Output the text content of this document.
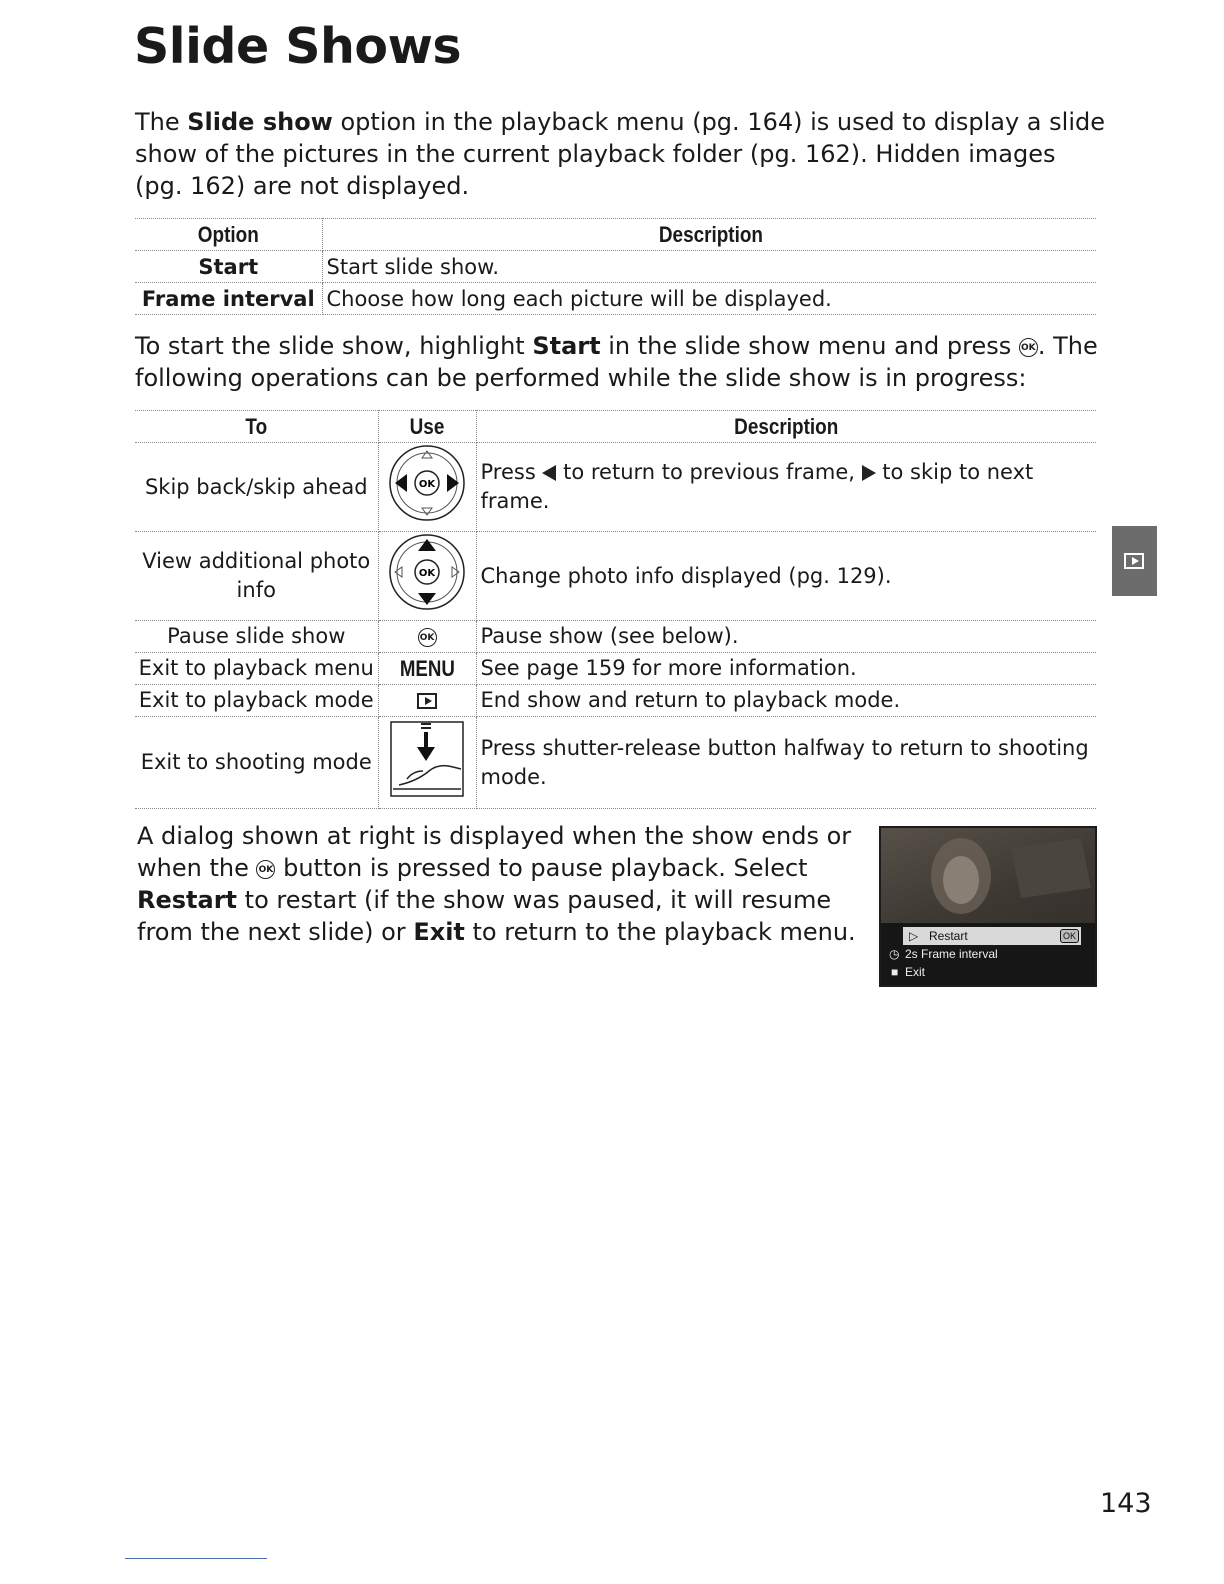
Slide Shows

The Slide show option in the playback menu (pg. 164) is used to display a slide show of the pictures in the current playback folder (pg. 162). Hidden images (pg. 162) are not displayed.

Option	Description
Start	Start slide show.
Frame interval	Choose how long each picture will be displayed.

To start the slide show, highlight Start in the slide show menu and press OK. The following operations can be performed while the slide show is in progress:

To	Use	Description
Skip back/skip ahead	OK	Press  to return to previous frame,  to skip to next frame.
View additional photo info	OK	Change photo info displayed (pg. 129).
Pause slide show	OK	Pause show (see below).
Exit to playback menu	MENU	See page 159 for more information.
Exit to playback mode		End show and return to playback mode.
Exit to shooting mode		Press shutter-release button halfway to return to shooting mode.

A dialog shown at right is displayed when the show ends or when the OK button is pressed to pause playback. Select Restart to restart (if the show was paused, it will resume from the next slide) or Exit to return to the playback menu.	▷ Restart	OK
◷ 2s Frame interval
■ Exit

143
